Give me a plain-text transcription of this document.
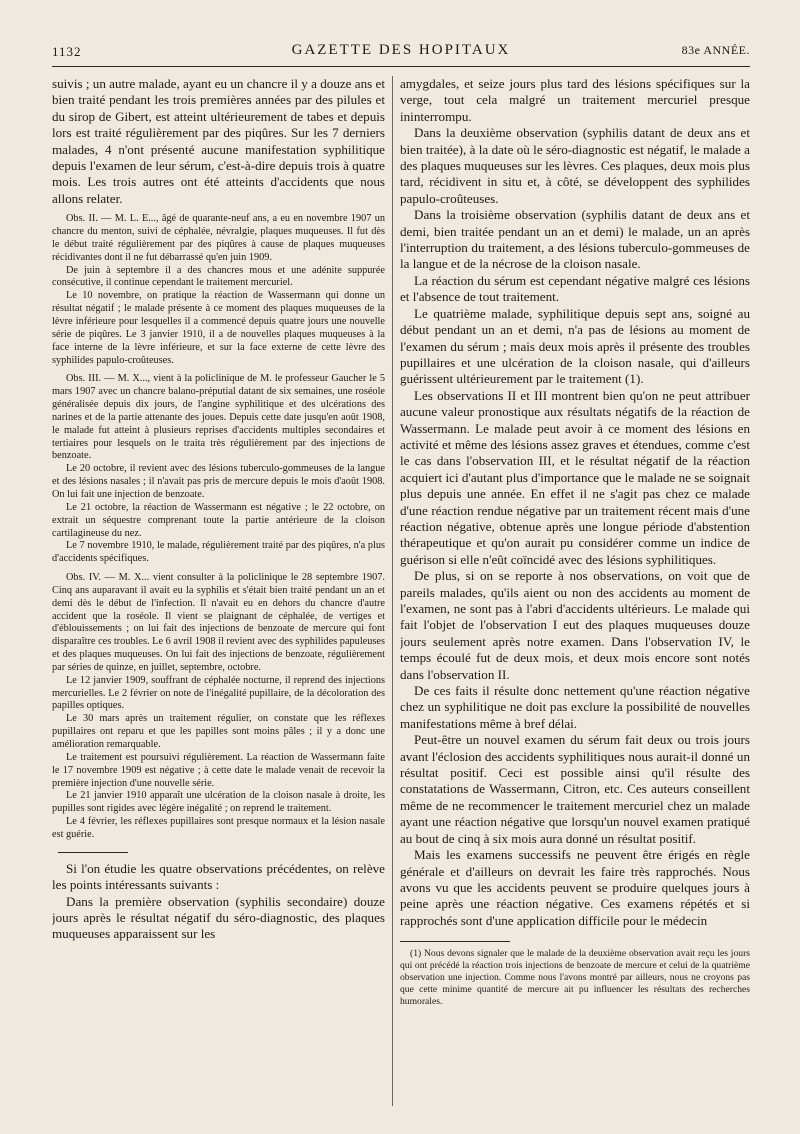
1132	GAZETTE DES HOPITAUX	83e ANNÉE.

suivis ; un autre malade, ayant eu un chancre il y a douze ans et bien traité pendant les trois premières années par des pilules et du sirop de Gibert, est atteint ultérieurement de tabes et depuis lors est traité régulièrement par des piqûres. Sur les 7 derniers malades, 4 n'ont présenté aucune manifestation syphilitique depuis l'examen de leur sérum, c'est-à-dire depuis trois à quatre mois. Les trois autres ont été atteints d'accidents que nous allons relater.

Obs. II. — M. L. E..., âgé de quarante-neuf ans, a eu en novembre 1907 un chancre du menton, suivi de céphalée, névralgie, plaques muqueuses. Il fut dès le début traité régulièrement par des piqûres à cause de plaques muqueuses récidivantes dont il ne fut débarrassé qu'en juin 1909.

De juin à septembre il a des chancres mous et une adénite suppurée consécutive, il continue cependant le traitement mercuriel.

Le 10 novembre, on pratique la réaction de Wassermann qui donne un résultat négatif ; le malade présente à ce moment des plaques muqueuses de la lèvre inférieure pour lesquelles il a commencé depuis quatre jours une nouvelle série de piqûres. Le 3 janvier 1910, il a de nouvelles plaques muqueuses à la face interne de la lèvre inférieure, et sur la face externe de cette lèvre des syphilides papulo-croûteuses.

Obs. III. — M. X..., vient à la policlinique de M. le professeur Gaucher le 5 mars 1907 avec un chancre balano-préputial datant de six semaines, une roséole généralisée depuis dix jours, de l'angine syphilitique et des ulcérations des narines et de la partie attenante des joues. Depuis cette date jusqu'en août 1908, le malade fut atteint à plusieurs reprises d'accidents multiples secondaires et tertiaires pour lesquels on le traita très régulièrement par des injections de benzoate.

Le 20 octobre, il revient avec des lésions tuberculo-gommeuses de la langue et des lésions nasales ; il n'avait pas pris de mercure depuis le mois d'août 1908. On lui fait une injection de benzoate.

Le 21 octobre, la réaction de Wassermann est négative ; le 22 octobre, on extrait un séquestre comprenant toute la partie antérieure de la cloison cartilagineuse du nez.

Le 7 novembre 1910, le malade, régulièrement traité par des piqûres, n'a plus d'accidents spécifiques.

Obs. IV. — M. X... vient consulter à la policlinique le 28 septembre 1907. Cinq ans auparavant il avait eu la syphilis et s'était bien traité pendant un an et demi dès le début de l'infection. Il n'avait eu en dehors du chancre d'autre accident que la roséole. Il vient se plaignant de céphalée, de vertiges et d'éblouissements ; on lui fait des injections de benzoate de mercure qui font disparaître ces troubles. Le 6 avril 1908 il revient avec des syphilides papuleuses et des plaques muqueuses. On lui fait des injections de benzoate, régulièrement par séries de quinze, en juillet, septembre, octobre.

Le 12 janvier 1909, souffrant de céphalée nocturne, il reprend des injections mercurielles. Le 2 février on note de l'inégalité pupillaire, de la décoloration des papilles optiques.

Le 30 mars après un traitement régulier, on constate que les réflexes pupillaires ont reparu et que les papilles sont moins pâles ; il y a donc une amélioration remarquable.

Le traitement est poursuivi régulièrement. La réaction de Wassermann faite le 17 novembre 1909 est négative ; à cette date le malade venait de recevoir la première injection d'une nouvelle série.

Le 21 janvier 1910 apparaît une ulcération de la cloison nasale à droite, les pupilles sont rigides avec légère inégalité ; on reprend le traitement.

Le 4 février, les réflexes pupillaires sont presque normaux et la lésion nasale est guérie.

Si l'on étudie les quatre observations précédentes, on relève les points intéressants suivants :

Dans la première observation (syphilis secondaire) douze jours après le résultat négatif du séro-diagnostic, des plaques muqueuses apparaissent sur les

amygdales, et seize jours plus tard des lésions spécifiques sur la verge, tout cela malgré un traitement mercuriel presque ininterrompu.

Dans la deuxième observation (syphilis datant de deux ans et bien traitée), à la date où le séro-diagnostic est négatif, le malade a des plaques muqueuses sur les lèvres. Ces plaques, deux mois plus tard, récidivent in situ et, à côté, se développent des syphilides papulo-croûteuses.

Dans la troisième observation (syphilis datant de deux ans et demi, bien traitée pendant un an et demi) le malade, un an après l'interruption du traitement, a des lésions tuberculo-gommeuses de la langue et de la nécrose de la cloison nasale.

La réaction du sérum est cependant négative malgré ces lésions et l'absence de tout traitement.

Le quatrième malade, syphilitique depuis sept ans, soigné au début pendant un an et demi, n'a pas de lésions au moment de l'examen du sérum ; mais deux mois après il présente des troubles pupillaires et une ulcération de la cloison nasale, qui d'ailleurs guérissent ultérieurement par le traitement (1).

Les observations II et III montrent bien qu'on ne peut attribuer aucune valeur pronostique aux résultats négatifs de la réaction de Wassermann. Le malade peut avoir à ce moment des lésions en activité et même des lésions assez graves et étendues, comme c'est le cas dans l'observation III, et le résultat négatif de la réaction acquiert ici d'autant plus d'importance que le malade ne se soignait plus depuis une année. En effet il ne s'agit pas chez ce malade d'une réaction rendue négative par un traitement récent mais d'une réaction négative, obtenue après une longue période d'abstention thérapeutique et qu'on aurait pu considérer comme un indice de guérison si elle n'eût coïncidé avec des lésions syphilitiques.

De plus, si on se reporte à nos observations, on voit que de pareils malades, qu'ils aient ou non des accidents au moment de l'examen, ne sont pas à l'abri d'accidents ultérieurs. Le malade qui fait l'objet de l'observation I eut des plaques muqueuses douze jours seulement après notre examen. Dans l'observation IV, le temps écoulé fut de deux mois, et deux mois encore sont notés dans l'observation II.

De ces faits il résulte donc nettement qu'une réaction négative chez un syphilitique ne doit pas exclure la possibilité de nouvelles manifestations même à bref délai.

Peut-être un nouvel examen du sérum fait deux ou trois jours avant l'éclosion des accidents syphilitiques nous aurait-il donné un résultat positif. Ceci est possible ainsi qu'il résulte des constatations de Wassermann, Citron, etc. Ces auteurs conseillent même de ne recommencer le traitement mercuriel chez un malade ayant une réaction négative que lorsqu'un nouvel examen pratiqué au bout de cinq à six mois aura donné un résultat positif.

Mais les examens successifs ne peuvent être érigés en règle générale et d'ailleurs on devrait les faire très rapprochés. Nous avons vu que les accidents peuvent se produire quelques jours à peine après une réaction négative. Ces examens répétés et si rapprochés sont d'une application difficile pour le médecin

(1) Nous devons signaler que le malade de la deuxième observation avait reçu les jours qui ont précédé la réaction trois injections de benzoate de mercure et celui de la quatrième observation une injection. Comme nous l'avons montré par ailleurs, nous ne croyons pas que cette minime quantité de mercure ait pu influencer les résultats des recherches humorales.
